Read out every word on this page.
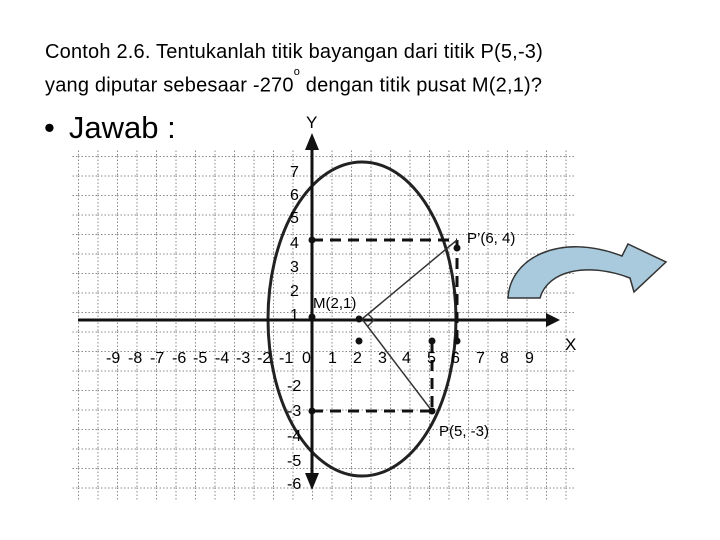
Contoh 2.6. Tentukanlah titik bayangan dari titik P(5,-3)
yang diputar sebesaar -270$^o$ dengan titik pusat M(2,1)?
• Jawab :	Y
X
-9 -8 -7 -6 -5 -4 -3 -2 -1 0 1 2 3 4 5 6 7 8 9
7
6
5
4
3
2
1
-2
-3
-4
-5
-6
M(2,1)
P’(6, 4)
P(5, -3)
